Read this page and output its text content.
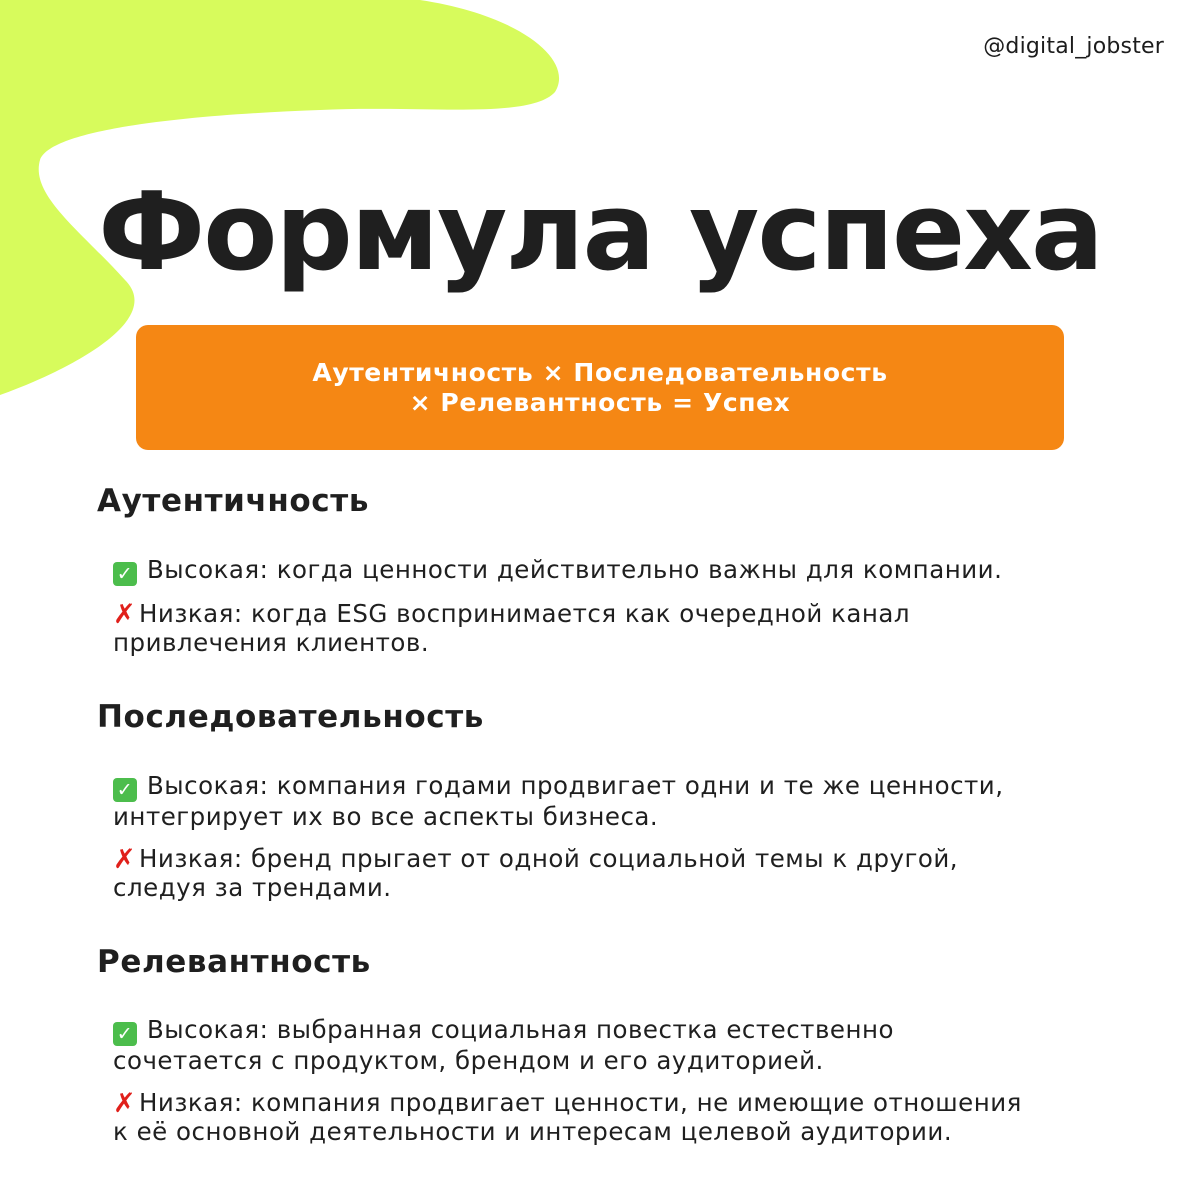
@digital_jobster
Формула успеха
Аутентичность × Последовательность
× Релевантность = Успех
Аутентичность
✓ Высокая: когда ценности действительно важны для компании.
✗ Низкая: когда ESG воспринимается как очередной канал
привлечения клиентов.
Последовательность
✓ Высокая: компания годами продвигает одни и те же ценности,
интегрирует их во все аспекты бизнеса.
✗ Низкая: бренд прыгает от одной социальной темы к другой,
следуя за трендами.
Релевантность
✓ Высокая: выбранная социальная повестка естественно
сочетается с продуктом, брендом и его аудиторией.
✗ Низкая: компания продвигает ценности, не имеющие отношения
к её основной деятельности и интересам целевой аудитории.
